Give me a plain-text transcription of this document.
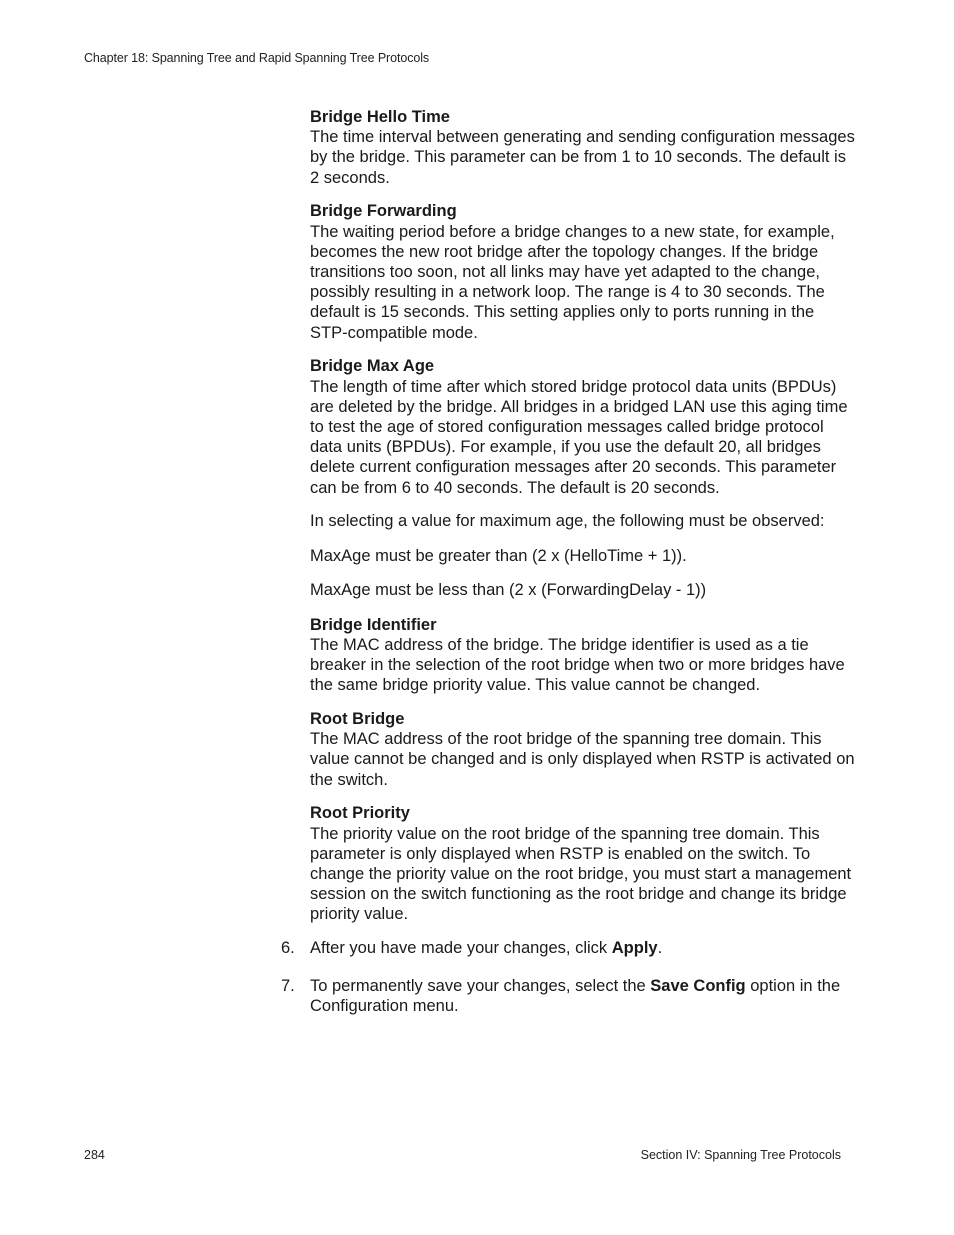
Chapter 18: Spanning Tree and Rapid Spanning Tree Protocols
Bridge Hello Time
The time interval between generating and sending configuration messages by the bridge. This parameter can be from 1 to 10 seconds. The default is 2 seconds.
Bridge Forwarding
The waiting period before a bridge changes to a new state, for example, becomes the new root bridge after the topology changes. If the bridge transitions too soon, not all links may have yet adapted to the change, possibly resulting in a network loop. The range is 4 to 30 seconds. The default is 15 seconds. This setting applies only to ports running in the STP-compatible mode.
Bridge Max Age
The length of time after which stored bridge protocol data units (BPDUs) are deleted by the bridge. All bridges in a bridged LAN use this aging time to test the age of stored configuration messages called bridge protocol data units (BPDUs). For example, if you use the default 20, all bridges delete current configuration messages after 20 seconds. This parameter can be from 6 to 40 seconds. The default is 20 seconds.

In selecting a value for maximum age, the following must be observed:

MaxAge must be greater than (2 x (HelloTime + 1)).

MaxAge must be less than (2 x (ForwardingDelay - 1))

Bridge Identifier
The MAC address of the bridge. The bridge identifier is used as a tie breaker in the selection of the root bridge when two or more bridges have the same bridge priority value. This value cannot be changed.
Root Bridge
The MAC address of the root bridge of the spanning tree domain. This value cannot be changed and is only displayed when RSTP is activated on the switch.
Root Priority
The priority value on the root bridge of the spanning tree domain. This parameter is only displayed when RSTP is enabled on the switch. To change the priority value on the root bridge, you must start a management session on the switch functioning as the root bridge and change its bridge priority value.
6. After you have made your changes, click Apply.
7. To permanently save your changes, select the Save Config option in the Configuration menu.
284	Section IV: Spanning Tree Protocols
